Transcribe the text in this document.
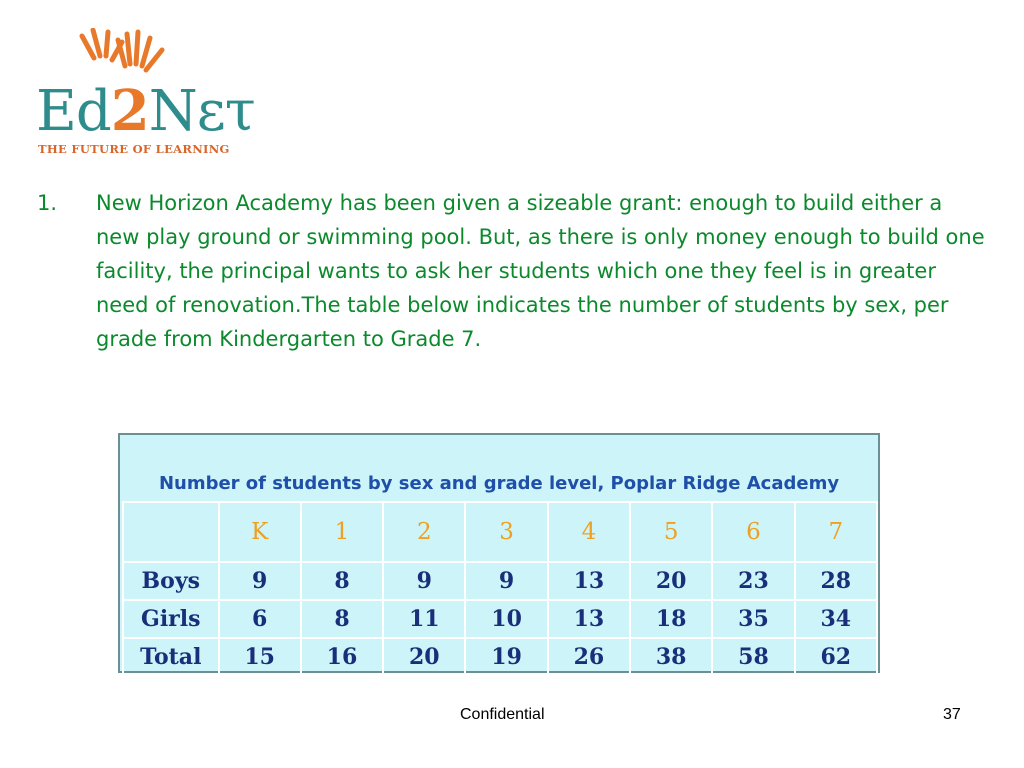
Ed2Nετ
THE FUTURE OF LEARNING
1. New Horizon Academy has been given a sizeable grant: enough to build either a new play ground or swimming pool. But, as there is only money enough to build one facility, the principal wants to ask her students which one they feel is in greater need of renovation.The table below indicates the number of students by sex, per grade from Kindergarten to Grade 7.
Number of students by sex and grade level, Poplar Ridge Academy
	K	1	2	3	4	5	6	7
Boys	9	8	9	9	13	20	23	28
Girls	6	8	11	10	13	18	35	34
Total	15	16	20	19	26	38	58	62
Confidential	37
